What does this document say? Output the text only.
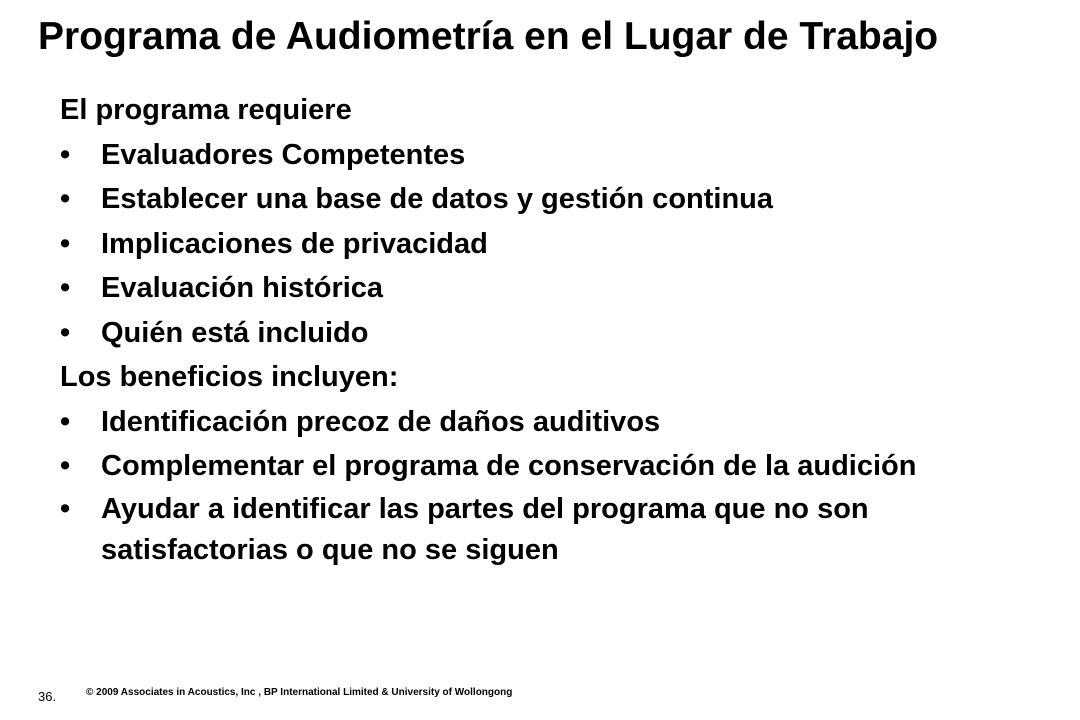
Programa de Audiometría en el Lugar de Trabajo

El programa requiere

• Evaluadores Competentes
• Establecer una base de datos y gestión continua
• Implicaciones de privacidad
• Evaluación histórica
• Quién está incluido

Los beneficios incluyen:

• Identificación precoz de daños auditivos
• Complementar el programa de conservación de la audición
• Ayudar a identificar las partes del programa que no son satisfactorias o que no se siguen
36.	© 2009 Associates in Acoustics, Inc , BP International Limited & University of Wollongong
